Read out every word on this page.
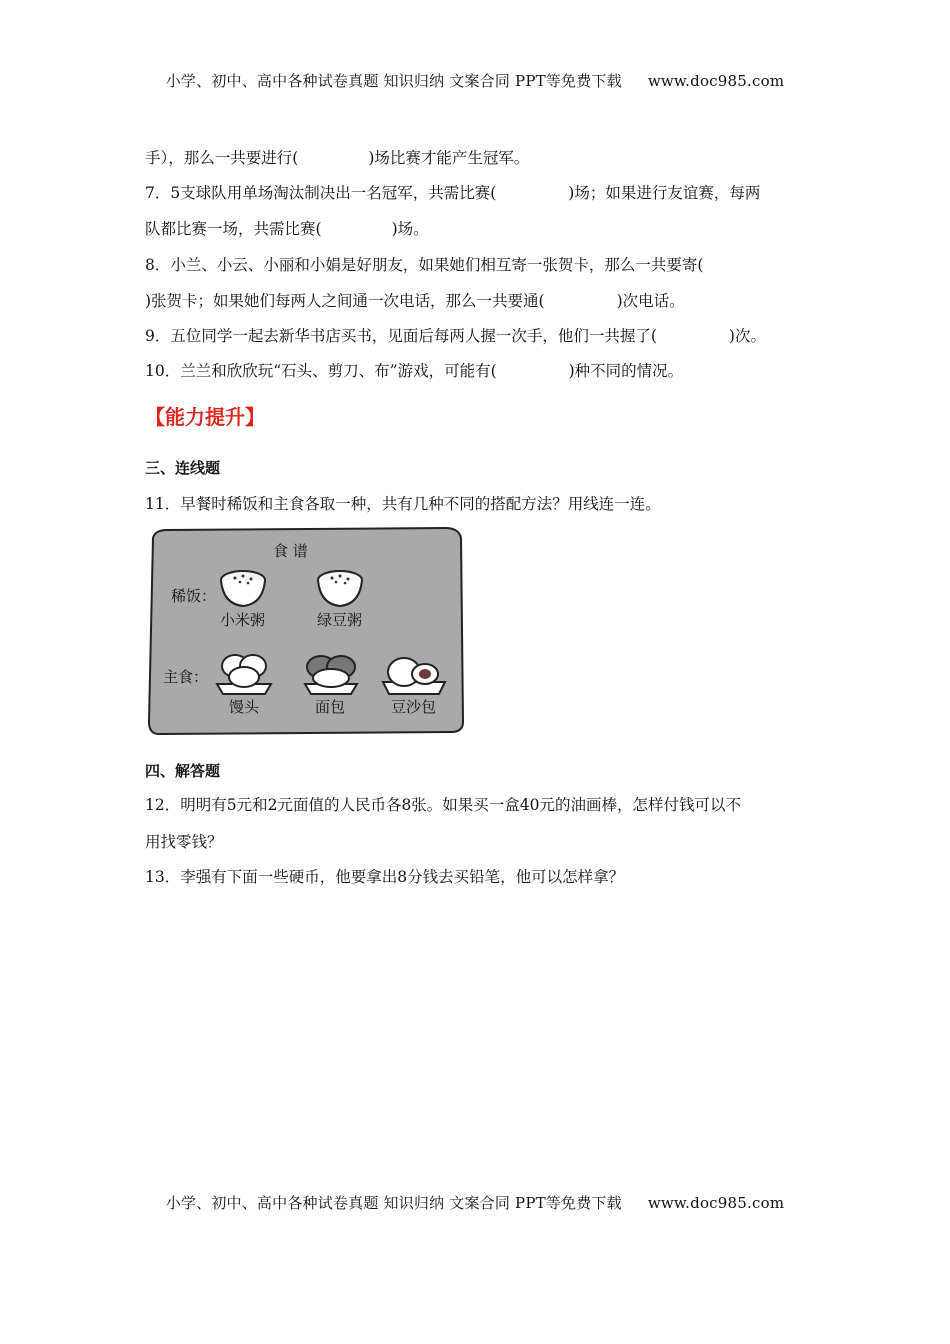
小学、初中、高中各种试卷真题 知识归纳 文案合同 PPT等免费下载 www.doc985.com
手），那么一共要进行(	)场比赛才能产生冠军。
7．5支球队用单场淘汰制决出一名冠军，共需比赛(	)场；如果进行友谊赛，每两
队都比赛一场，共需比赛(	)场。
8．小兰、小云、小丽和小娟是好朋友，如果她们相互寄一张贺卡，那么一共要寄(
)张贺卡；如果她们每两人之间通一次电话，那么一共要通(	)次电话。
9．五位同学一起去新华书店买书，见面后每两人握一次手，他们一共握了(	)次。
10．兰兰和欣欣玩“石头、剪刀、布”游戏，可能有(	)种不同的情况。
【能力提升】
三、连线题
11．早餐时稀饭和主食各取一种，共有几种不同的搭配方法？用线连一连。
四、解答题
12．明明有5元和2元面值的人民币各8张。如果买一盒40元的油画棒，怎样付钱可以不
用找零钱？
13．李强有下面一些硬币，他要拿出8分钱去买铅笔，他可以怎样拿？
食 谱
稀饭：
小米粥	绿豆粥
主食：
馒头	面包	豆沙包
小学、初中、高中各种试卷真题 知识归纳 文案合同 PPT等免费下载 www.doc985.com
